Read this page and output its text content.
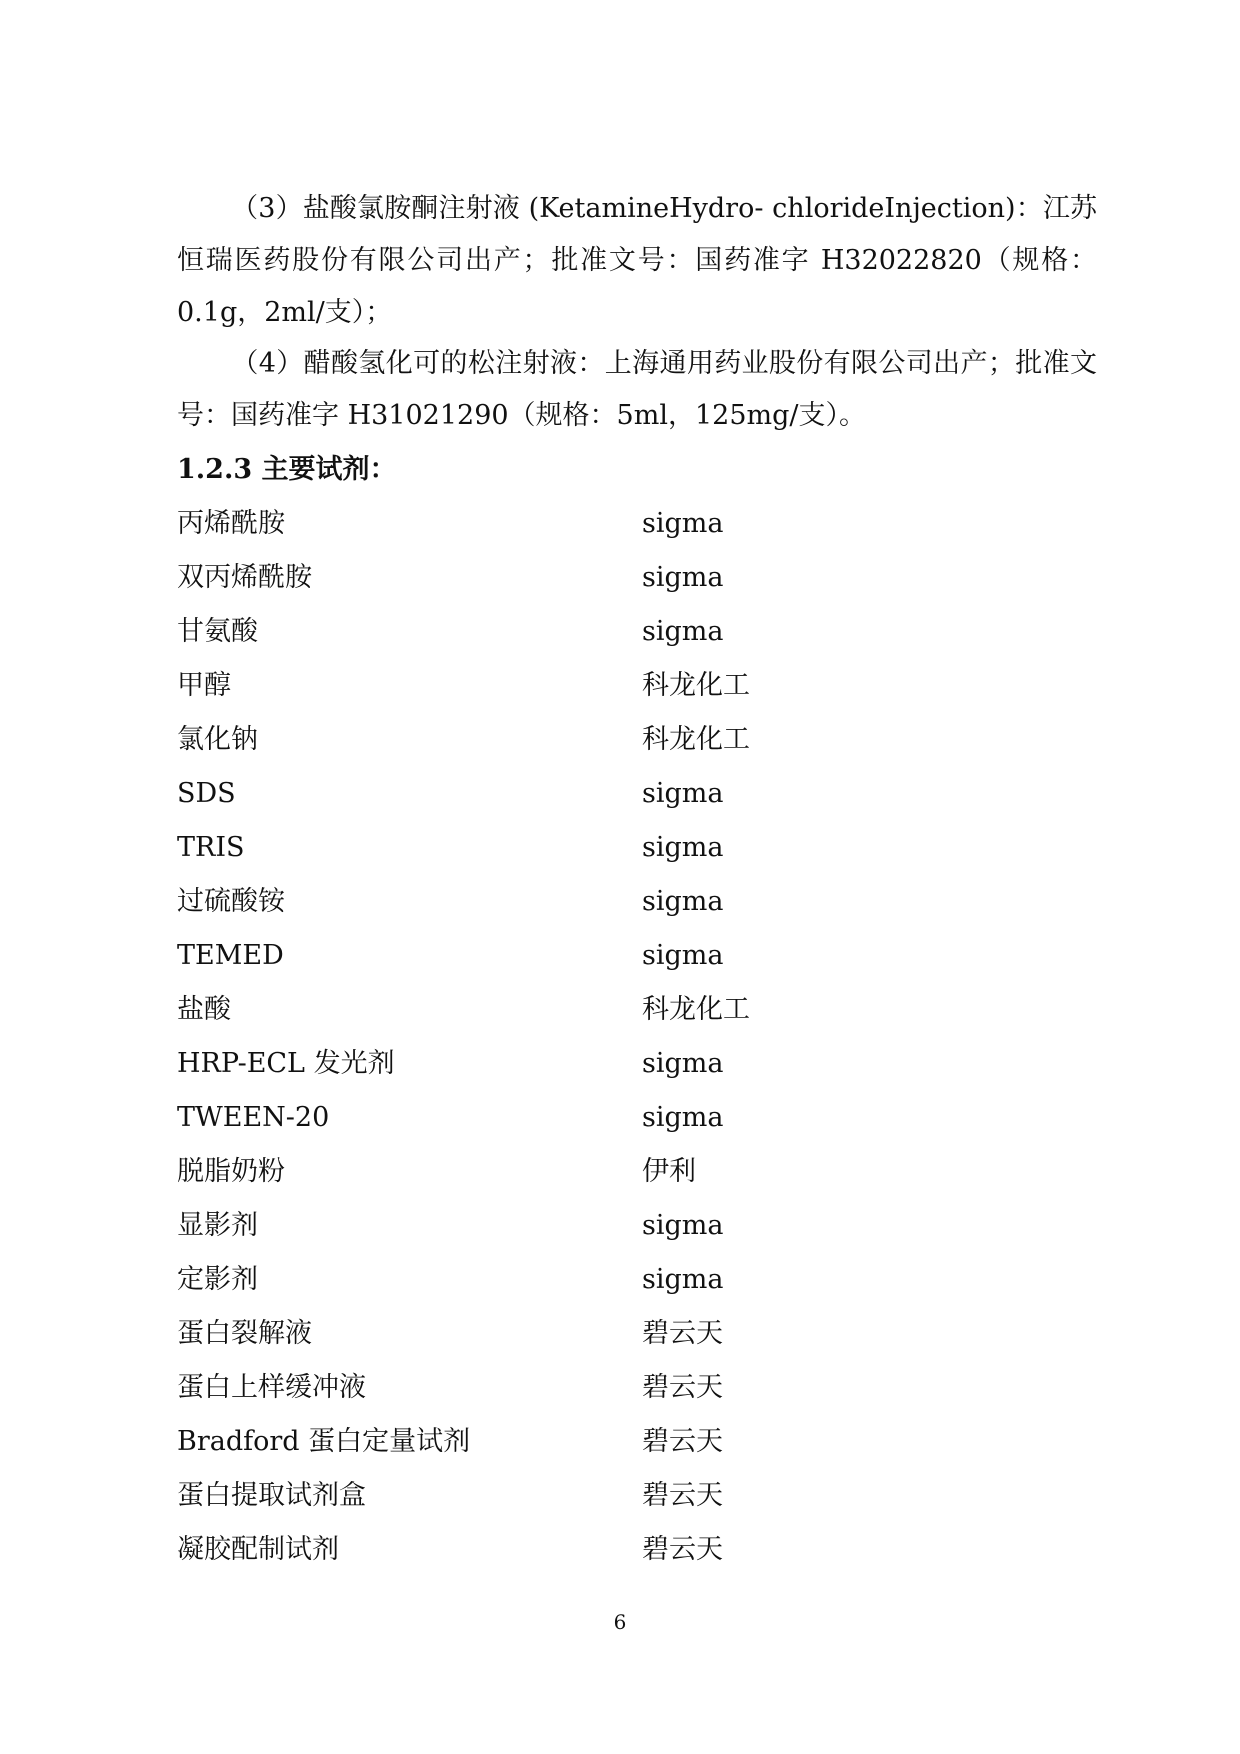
（3）盐酸氯胺酮注射液 (KetamineHydro- chlorideInjection)：江苏恒瑞医药股份有限公司出产；批准文号：国药准字 H32022820（规格：0.1g，2ml/支）；

（4）醋酸氢化可的松注射液：上海通用药业股份有限公司出产；批准文号：国药准字 H31021290（规格：5ml，125mg/支）。

1.2.3 主要试剂：
丙烯酰胺	sigma
双丙烯酰胺	sigma
甘氨酸	sigma
甲醇	科龙化工
氯化钠	科龙化工
SDS	sigma
TRIS	sigma
过硫酸铵	sigma
TEMED	sigma
盐酸	科龙化工
HRP-ECL 发光剂	sigma
TWEEN-20	sigma
脱脂奶粉	伊利
显影剂	sigma
定影剂	sigma
蛋白裂解液	碧云天
蛋白上样缓冲液	碧云天
Bradford 蛋白定量试剂	碧云天
蛋白提取试剂盒	碧云天
凝胶配制试剂	碧云天
6
